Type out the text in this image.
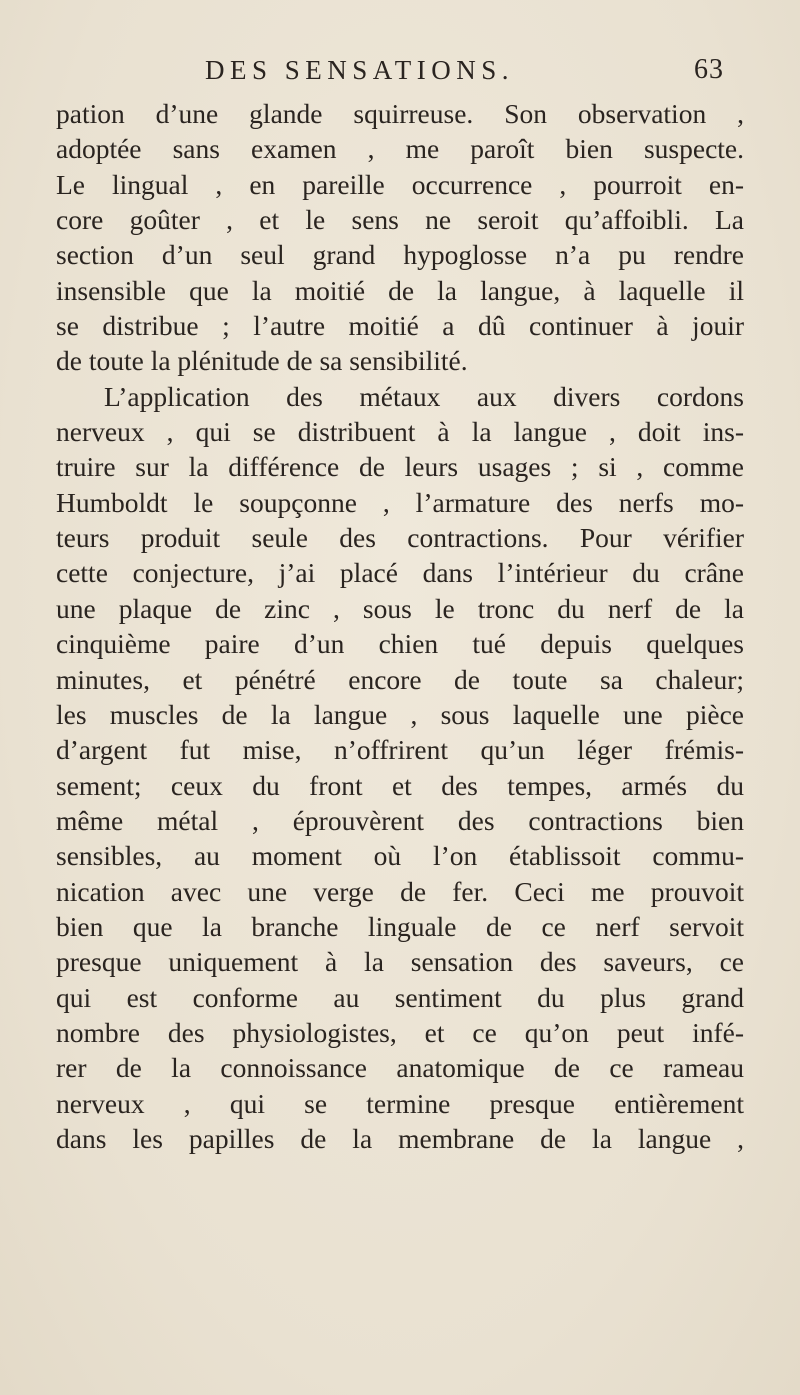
DES SENSATIONS.	63
pation d’une glande squirreuse. Son observation ,
adoptée sans examen , me paroît bien suspecte.
Le lingual , en pareille occurrence , pourroit en-
core goûter , et le sens ne seroit qu’affoibli. La
section d’un seul grand hypoglosse n’a pu rendre
insensible que la moitié de la langue, à laquelle il
se distribue ; l’autre moitié a dû continuer à jouir
de toute la plénitude de sa sensibilité.
L’application des métaux aux divers cordons
nerveux , qui se distribuent à la langue , doit ins-
truire sur la différence de leurs usages ; si , comme
Humboldt le soupçonne , l’armature des nerfs mo-
teurs produit seule des contractions. Pour vérifier
cette conjecture, j’ai placé dans l’intérieur du crâne
une plaque de zinc , sous le tronc du nerf de la
cinquième paire d’un chien tué depuis quelques
minutes, et pénétré encore de toute sa chaleur;
les muscles de la langue , sous laquelle une pièce
d’argent fut mise, n’offrirent qu’un léger frémis-
sement; ceux du front et des tempes, armés du
même métal , éprouvèrent des contractions bien
sensibles, au moment où l’on établissoit commu-
nication avec une verge de fer. Ceci me prouvoit
bien que la branche linguale de ce nerf servoit
presque uniquement à la sensation des saveurs, ce
qui est conforme au sentiment du plus grand
nombre des physiologistes, et ce qu’on peut infé-
rer de la connoissance anatomique de ce rameau
nerveux , qui se termine presque entièrement
dans les papilles de la membrane de la langue ,
